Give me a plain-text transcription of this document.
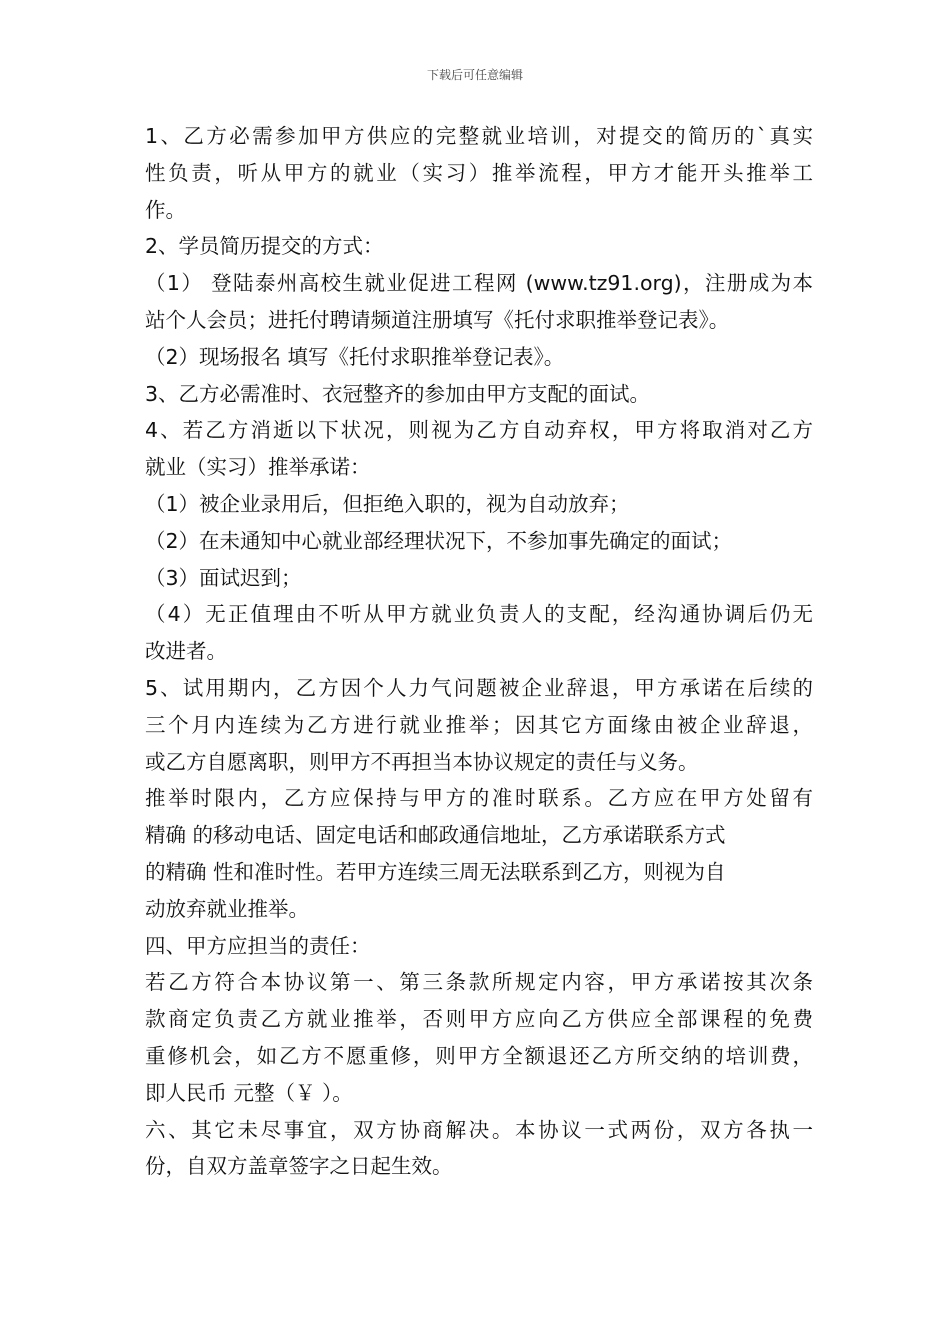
下载后可任意编辑
1、乙方必需参加甲方供应的完整就业培训，对提交的简历的`真实
性负责，听从甲方的就业（实习）推举流程，甲方才能开头推举工
作。
2、学员简历提交的方式：
（1） 登陆泰州高校生就业促进工程网 (www.tz91.org)，注册成为本
站个人会员；进托付聘请频道注册填写《托付求职推举登记表》。
（2）现场报名 填写《托付求职推举登记表》。
3、乙方必需准时、衣冠整齐的参加由甲方支配的面试。
4、若乙方消逝以下状况，则视为乙方自动弃权，甲方将取消对乙方
就业（实习）推举承诺：
（1）被企业录用后，但拒绝入职的，视为自动放弃；
（2）在未通知中心就业部经理状况下，不参加事先确定的面试；
（3）面试迟到；
（4）无正值理由不听从甲方就业负责人的支配，经沟通协调后仍无
改进者。
5、试用期内，乙方因个人力气问题被企业辞退，甲方承诺在后续的
三个月内连续为乙方进行就业推举；因其它方面缘由被企业辞退，
或乙方自愿离职，则甲方不再担当本协议规定的责任与义务。
推举时限内，乙方应保持与甲方的准时联系。乙方应在甲方处留有
精确 的移动电话、固定电话和邮政通信地址，乙方承诺联系方式
的精确 性和准时性。若甲方连续三周无法联系到乙方，则视为自
动放弃就业推举。
四、甲方应担当的责任：
若乙方符合本协议第一、第三条款所规定内容，甲方承诺按其次条
款商定负责乙方就业推举，否则甲方应向乙方供应全部课程的免费
重修机会，如乙方不愿重修，则甲方全额退还乙方所交纳的培训费，
即人民币 元整（￥ ）。
六、其它未尽事宜，双方协商解决。本协议一式两份，双方各执一
份，自双方盖章签字之日起生效。
